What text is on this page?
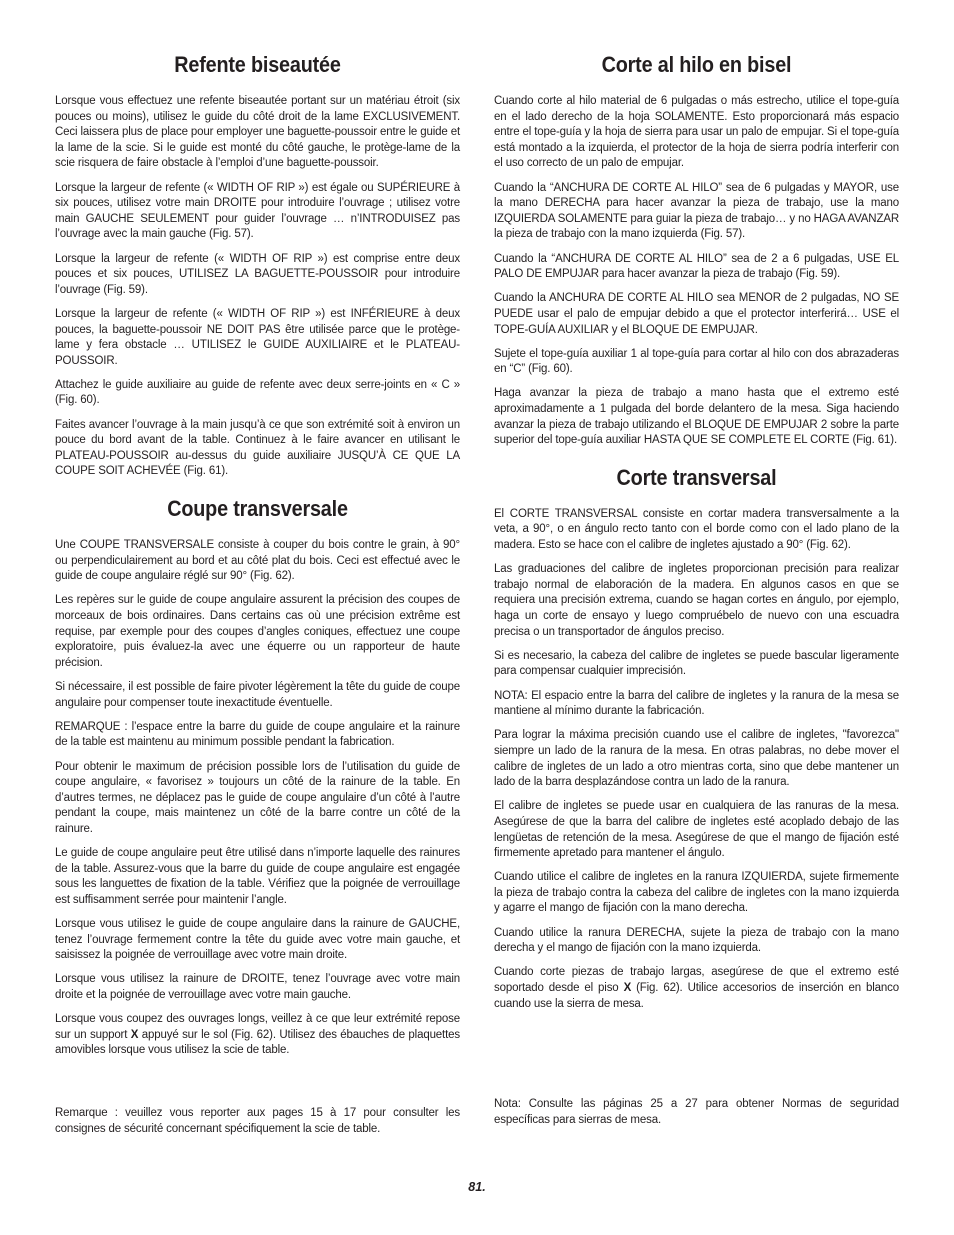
Refente biseautée

Lorsque vous effectuez une refente biseautée portant sur un matériau étroit (six pouces ou moins), utilisez le guide du côté droit de la lame EXCLUSIVEMENT. Ceci laissera plus de place pour employer une baguette-poussoir entre le guide et la lame de la scie. Si le guide est monté du côté gauche, le protège-lame de la scie risquera de faire obstacle à l’emploi d’une baguette-poussoir.

Lorsque la largeur de refente (« WIDTH OF RIP ») est égale ou SUPÉRIEURE à six pouces, utilisez votre main DROITE pour introduire l’ouvrage ; utilisez votre main GAUCHE SEULEMENT pour guider l’ouvrage … n’INTRODUISEZ pas l’ouvrage avec la main gauche (Fig. 57).

Lorsque la largeur de refente (« WIDTH OF RIP ») est comprise entre deux pouces et six pouces, UTILISEZ LA BAGUETTE-POUSSOIR pour introduire l’ouvrage (Fig. 59).

Lorsque la largeur de refente (« WIDTH OF RIP ») est INFÉRIEURE à deux pouces, la baguette-poussoir NE DOIT PAS être utilisée parce que le protège-lame y fera obstacle … UTILISEZ le GUIDE AUXILIAIRE et le PLATEAU-POUSSOIR.

Attachez le guide auxiliaire au guide de refente avec deux serre-joints en « C » (Fig. 60).

Faites avancer l’ouvrage à la main jusqu’à ce que son extrémité soit à environ un pouce du bord avant de la table. Continuez à le faire avancer en utilisant le PLATEAU-POUSSOIR au-dessus du guide auxiliaire JUSQU’À CE QUE LA COUPE SOIT ACHEVÉE (Fig. 61).

Coupe transversale

Une COUPE TRANSVERSALE consiste à couper du bois contre le grain, à 90° ou perpendiculairement au bord et au côté plat du bois. Ceci est effectué avec le guide de coupe angulaire réglé sur 90° (Fig. 62).

Les repères sur le guide de coupe angulaire assurent la précision des coupes de morceaux de bois ordinaires. Dans certains cas où une précision extrême est requise, par exemple pour des coupes d’angles coniques, effectuez une coupe exploratoire, puis évaluez-la avec une équerre ou un rapporteur de haute précision.

Si nécessaire, il est possible de faire pivoter légèrement la tête du guide de coupe angulaire pour compenser toute inexactitude éventuelle.

REMARQUE : l’espace entre la barre du guide de coupe angulaire et la rainure de la table est maintenu au minimum possible pendant la fabrication.

Pour obtenir le maximum de précision possible lors de l’utilisation du guide de coupe angulaire, « favorisez » toujours un côté de la rainure de la table. En d’autres termes, ne déplacez pas le guide de coupe angulaire d’un côté à l’autre pendant la coupe, mais maintenez un côté de la barre contre un côté de la rainure.

Le guide de coupe angulaire peut être utilisé dans n’importe laquelle des rainures de la table. Assurez-vous que la barre du guide de coupe angulaire est engagée sous les languettes de fixation de la table. Vérifiez que la poignée de verrouillage est suffisamment serrée pour maintenir l’angle.

Lorsque vous utilisez le guide de coupe angulaire dans la rainure de GAUCHE, tenez l’ouvrage fermement contre la tête du guide avec votre main gauche, et saisissez la poignée de verrouillage avec votre main droite.

Lorsque vous utilisez la rainure de DROITE, tenez l’ouvrage avec votre main droite et la poignée de verrouillage avec votre main gauche.

Lorsque vous coupez des ouvrages longs, veillez à ce que leur extrémité repose sur un support X appuyé sur le sol (Fig. 62). Utilisez des ébauches de plaquettes amovibles lorsque vous utilisez la scie de table.

Remarque : veuillez vous reporter aux pages 15 à 17 pour consulter les consignes de sécurité concernant spécifiquement la scie de table.

Corte al hilo en bisel

Cuando corte al hilo material de 6 pulgadas o más estrecho, utilice el tope-guía en el lado derecho de la hoja SOLAMENTE. Esto proporcionará más espacio entre el tope-guía y la hoja de sierra para usar un palo de empujar. Si el tope-guía está montado a la izquierda, el protector de la hoja de sierra podría interferir con el uso correcto de un palo de empujar.

Cuando la “ANCHURA DE CORTE AL HILO” sea de 6 pulgadas y MAYOR, use la mano DERECHA para hacer avanzar la pieza de trabajo, use la mano IZQUIERDA SOLAMENTE para guiar la pieza de trabajo… y no HAGA AVANZAR la pieza de trabajo con la mano izquierda (Fig. 57).

Cuando la “ANCHURA DE CORTE AL HILO” sea de 2 a 6 pulgadas, USE EL PALO DE EMPUJAR para hacer avanzar la pieza de trabajo (Fig. 59).

Cuando la ANCHURA DE CORTE AL HILO sea MENOR de 2 pulgadas, NO SE PUEDE usar el palo de empujar debido a que el protector interferirá… USE el TOPE-GUÍA AUXILIAR y el BLOQUE DE EMPUJAR.

Sujete el tope-guía auxiliar 1 al tope-guía para cortar al hilo con dos abrazaderas en “C” (Fig. 60).

Haga avanzar la pieza de trabajo a mano hasta que el extremo esté aproximadamente a 1 pulgada del borde delantero de la mesa. Siga haciendo avanzar la pieza de trabajo utilizando el BLOQUE DE EMPUJAR 2 sobre la parte superior del tope-guía auxiliar HASTA QUE SE COMPLETE EL CORTE (Fig. 61).

Corte transversal

El CORTE TRANSVERSAL consiste en cortar madera transversalmente a la veta, a 90°, o en ángulo recto tanto con el borde como con el lado plano de la madera. Esto se hace con el calibre de ingletes ajustado a 90° (Fig. 62).

Las graduaciones del calibre de ingletes proporcionan precisión para realizar trabajo normal de elaboración de la madera. En algunos casos en que se requiera una precisión extrema, cuando se hagan cortes en ángulo, por ejemplo, haga un corte de ensayo y luego compruébelo de nuevo con una escuadra precisa o un transportador de ángulos preciso.

Si es necesario, la cabeza del calibre de ingletes se puede bascular ligeramente para compensar cualquier imprecisión.

NOTA: El espacio entre la barra del calibre de ingletes y la ranura de la mesa se mantiene al mínimo durante la fabricación.

Para lograr la máxima precisión cuando use el calibre de ingletes, "favorezca" siempre un lado de la ranura de la mesa. En otras palabras, no debe mover el calibre de ingletes de un lado a otro mientras corta, sino que debe mantener un lado de la barra desplazándose contra un lado de la ranura.

El calibre de ingletes se puede usar en cualquiera de las ranuras de la mesa. Asegúrese de que la barra del calibre de ingletes esté acoplado debajo de las lengüetas de retención de la mesa. Asegúrese de que el mango de fijación esté firmemente apretado para mantener el ángulo.

Cuando utilice el calibre de ingletes en la ranura IZQUIERDA, sujete firmemente la pieza de trabajo contra la cabeza del calibre de ingletes con la mano izquierda y agarre el mango de fijación con la mano derecha.

Cuando utilice la ranura DERECHA, sujete la pieza de trabajo con la mano derecha y el mango de fijación con la mano izquierda.

Cuando corte piezas de trabajo largas, asegúrese de que el extremo esté soportado desde el piso X (Fig. 62). Utilice accesorios de inserción en blanco cuando use la sierra de mesa.

Nota: Consulte las páginas 25 a 27 para obtener Normas de seguridad específicas para sierras de mesa.

81.
